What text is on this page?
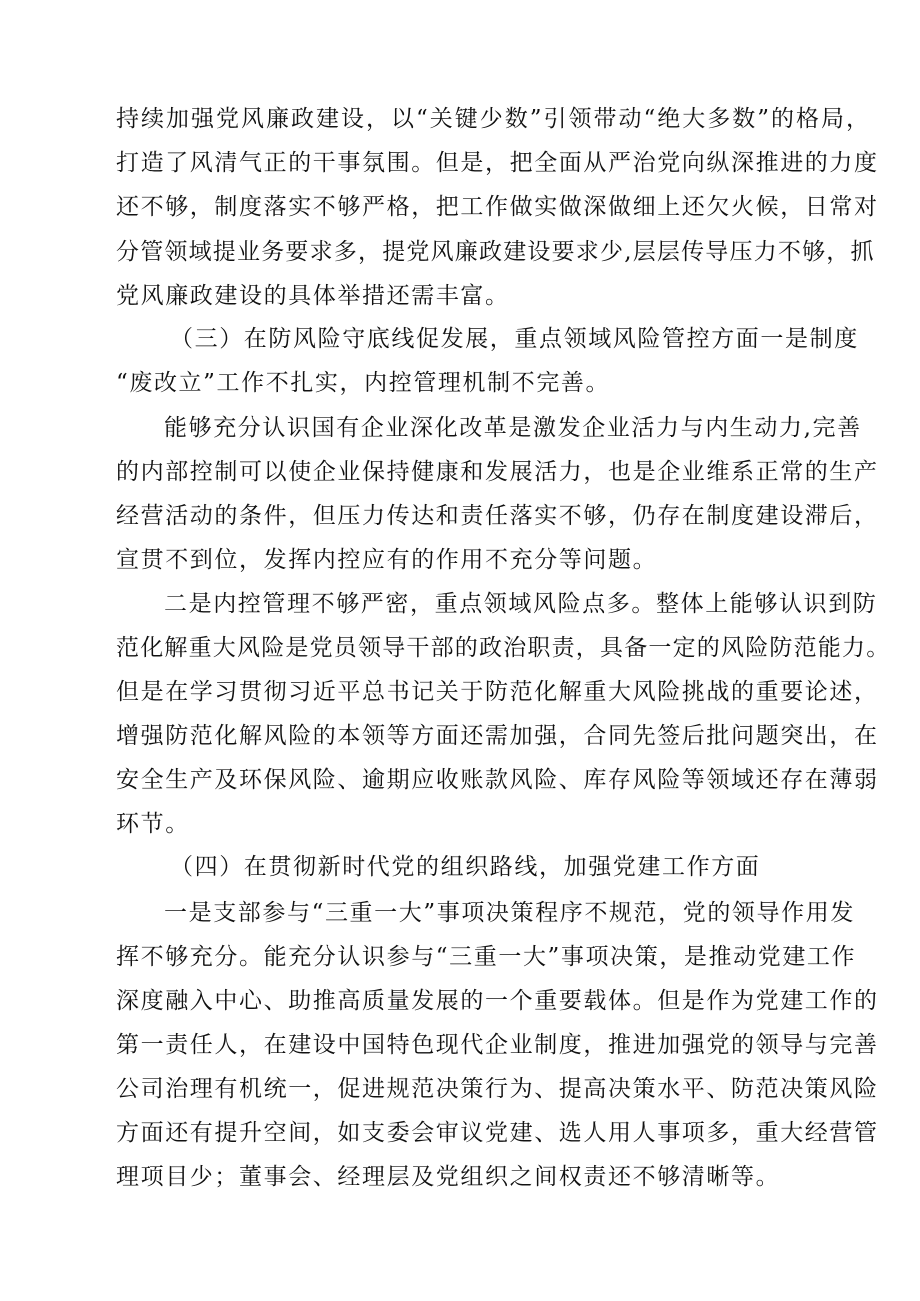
持续加强党风廉政建设，以“关键少数”引领带动“绝大多数”的格局，

打造了风清气正的干事氛围。但是，把全面从严治党向纵深推进的力度

还不够，制度落实不够严格，把工作做实做深做细上还欠火候，日常对

分管领域提业务要求多，提党风廉政建设要求少,层层传导压力不够，抓

党风廉政建设的具体举措还需丰富。

（三）在防风险守底线促发展，重点领域风险管控方面一是制度

“废改立”工作不扎实，内控管理机制不完善。

能够充分认识国有企业深化改革是激发企业活力与内生动力,完善

的内部控制可以使企业保持健康和发展活力，也是企业维系正常的生产

经营活动的条件，但压力传达和责任落实不够，仍存在制度建设滞后，

宣贯不到位，发挥内控应有的作用不充分等问题。

二是内控管理不够严密，重点领域风险点多。整体上能够认识到防

范化解重大风险是党员领导干部的政治职责，具备一定的风险防范能力。

但是在学习贯彻习近平总书记关于防范化解重大风险挑战的重要论述，

增强防范化解风险的本领等方面还需加强，合同先签后批问题突出，在

安全生产及环保风险、逾期应收账款风险、库存风险等领域还存在薄弱

环节。

（四）在贯彻新时代党的组织路线，加强党建工作方面

一是支部参与“三重一大”事项决策程序不规范，党的领导作用发

挥不够充分。能充分认识参与“三重一大”事项决策，是推动党建工作

深度融入中心、助推高质量发展的一个重要载体。但是作为党建工作的

第一责任人，在建设中国特色现代企业制度，推进加强党的领导与完善

公司治理有机统一，促进规范决策行为、提高决策水平、防范决策风险

方面还有提升空间，如支委会审议党建、选人用人事项多，重大经营管

理项目少；董事会、经理层及党组织之间权责还不够清晰等。
